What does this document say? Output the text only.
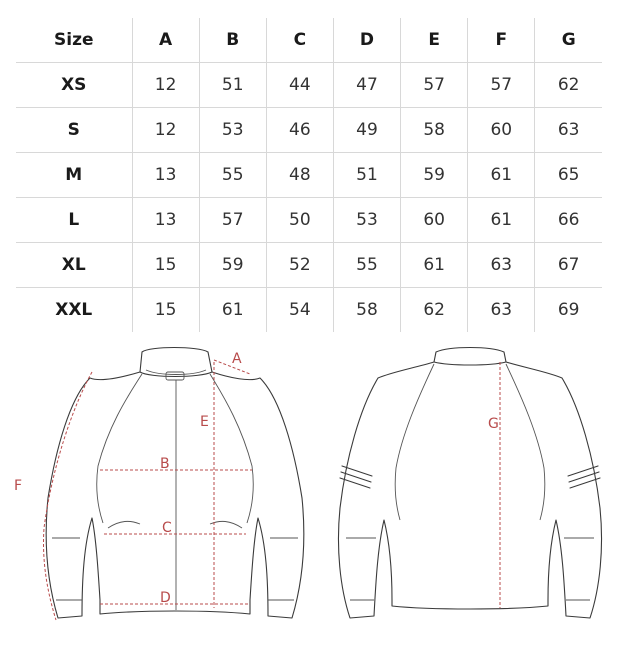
Size	A	B	C	D	E	F	G
XS	12	51	44	47	57	57	62
S	12	53	46	49	58	60	63
M	13	55	48	51	59	61	65
L	13	57	50	53	60	61	66
XL	15	59	52	55	61	63	67
XXL	15	61	54	58	62	63	69
A
B
C
D
E
F
G
